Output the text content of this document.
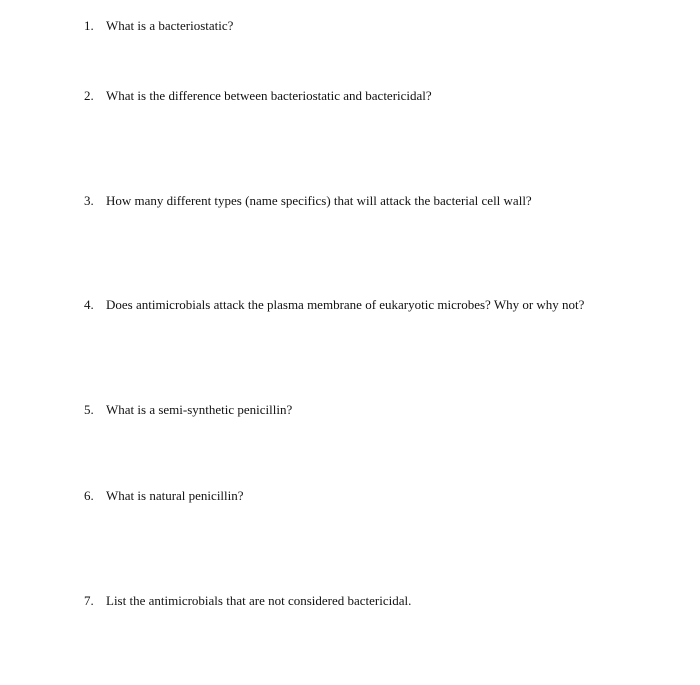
1. What is a bacteriostatic?
2. What is the difference between bacteriostatic and bactericidal?
3. How many different types (name specifics) that will attack the bacterial cell wall?
4. Does antimicrobials attack the plasma membrane of eukaryotic microbes? Why or why not?
5. What is a semi-synthetic penicillin?
6. What is natural penicillin?
7. List the antimicrobials that are not considered bactericidal.
